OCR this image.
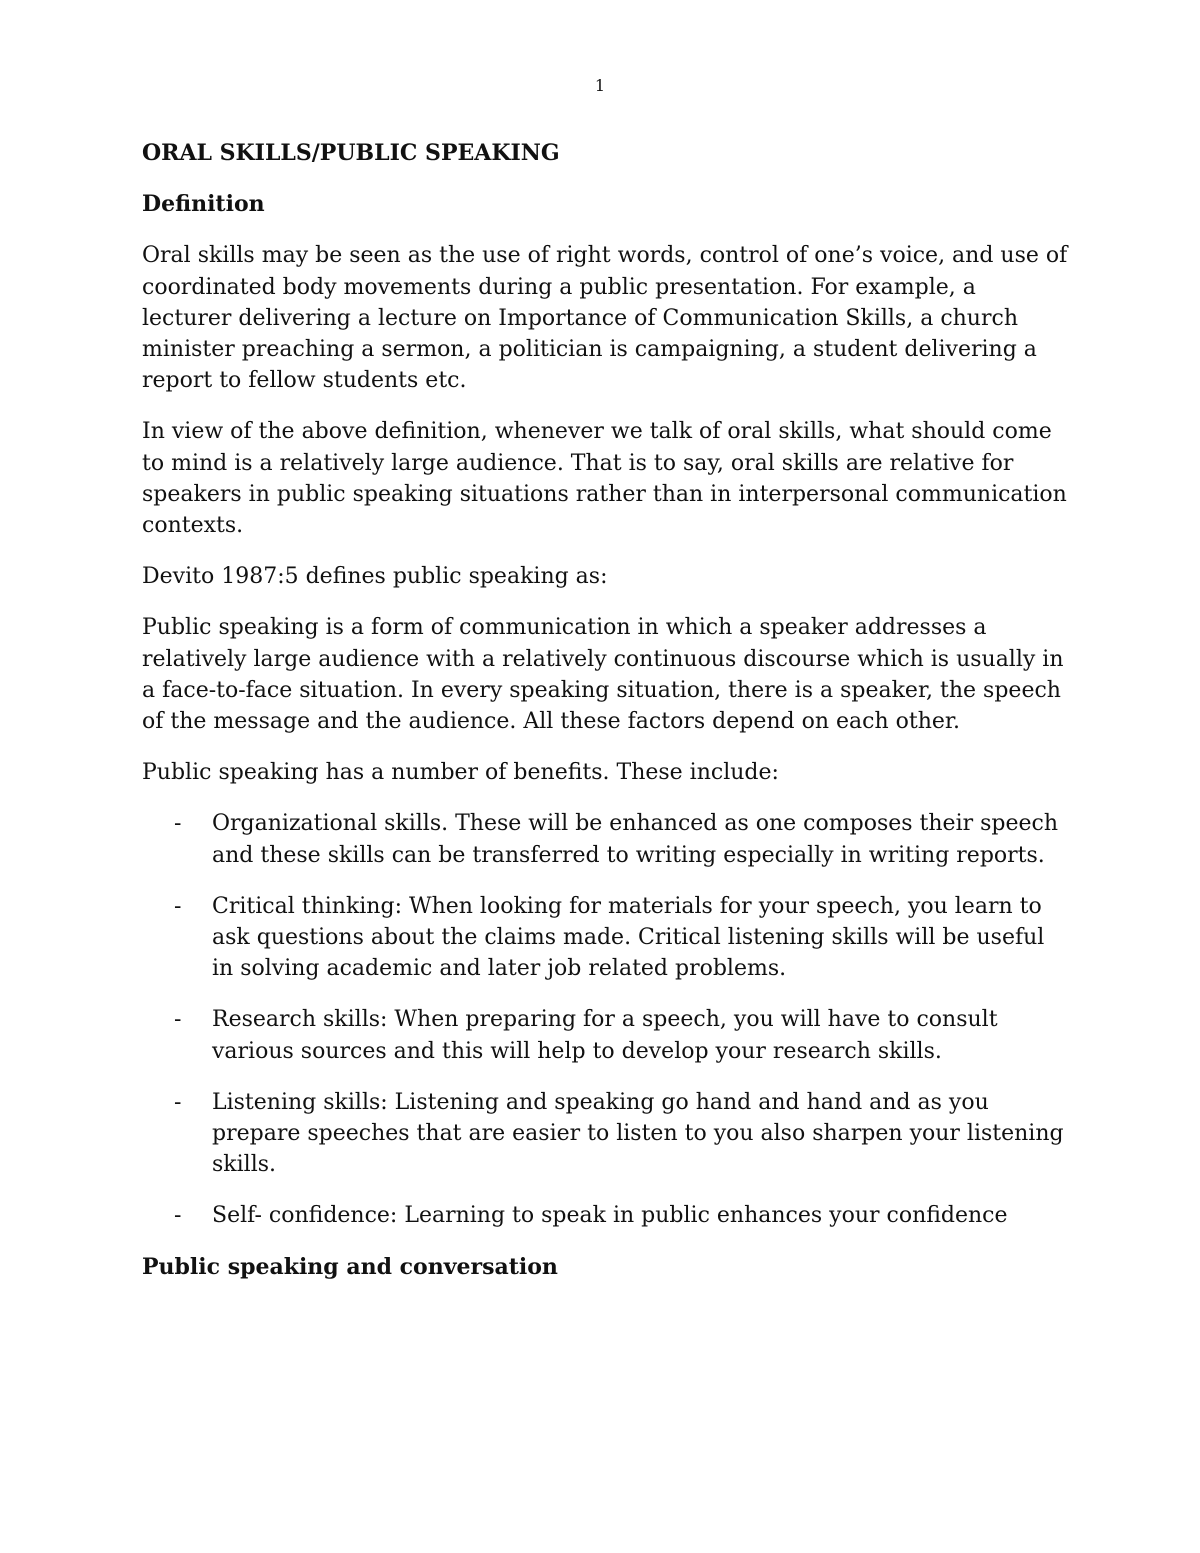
1

ORAL SKILLS/PUBLIC SPEAKING

Definition

Oral skills may be seen as the use of right words, control of one’s voice, and use of coordinated body movements during a public presentation. For example, a lecturer delivering a lecture on Importance of Communication Skills, a church minister preaching a sermon, a politician is campaigning, a student delivering a report to fellow students etc.

In view of the above definition, whenever we talk of oral skills, what should come to mind is a relatively large audience. That is to say, oral skills are relative for speakers in public speaking situations rather than in interpersonal communication contexts.

Devito 1987:5 defines public speaking as:

Public speaking is a form of communication in which a speaker addresses a relatively large audience with a relatively continuous discourse which is usually in a face-to-face situation. In every speaking situation, there is a speaker, the speech of the message and the audience. All these factors depend on each other.

Public speaking has a number of benefits. These include:

- Organizational skills. These will be enhanced as one composes their speech and these skills can be transferred to writing especially in writing reports.
- Critical thinking: When looking for materials for your speech, you learn to ask questions about the claims made. Critical listening skills will be useful in solving academic and later job related problems.
- Research skills: When preparing for a speech, you will have to consult various sources and this will help to develop your research skills.
- Listening skills: Listening and speaking go hand and hand and as you prepare speeches that are easier to listen to you also sharpen your listening skills.
- Self- confidence: Learning to speak in public enhances your confidence

Public speaking and conversation
